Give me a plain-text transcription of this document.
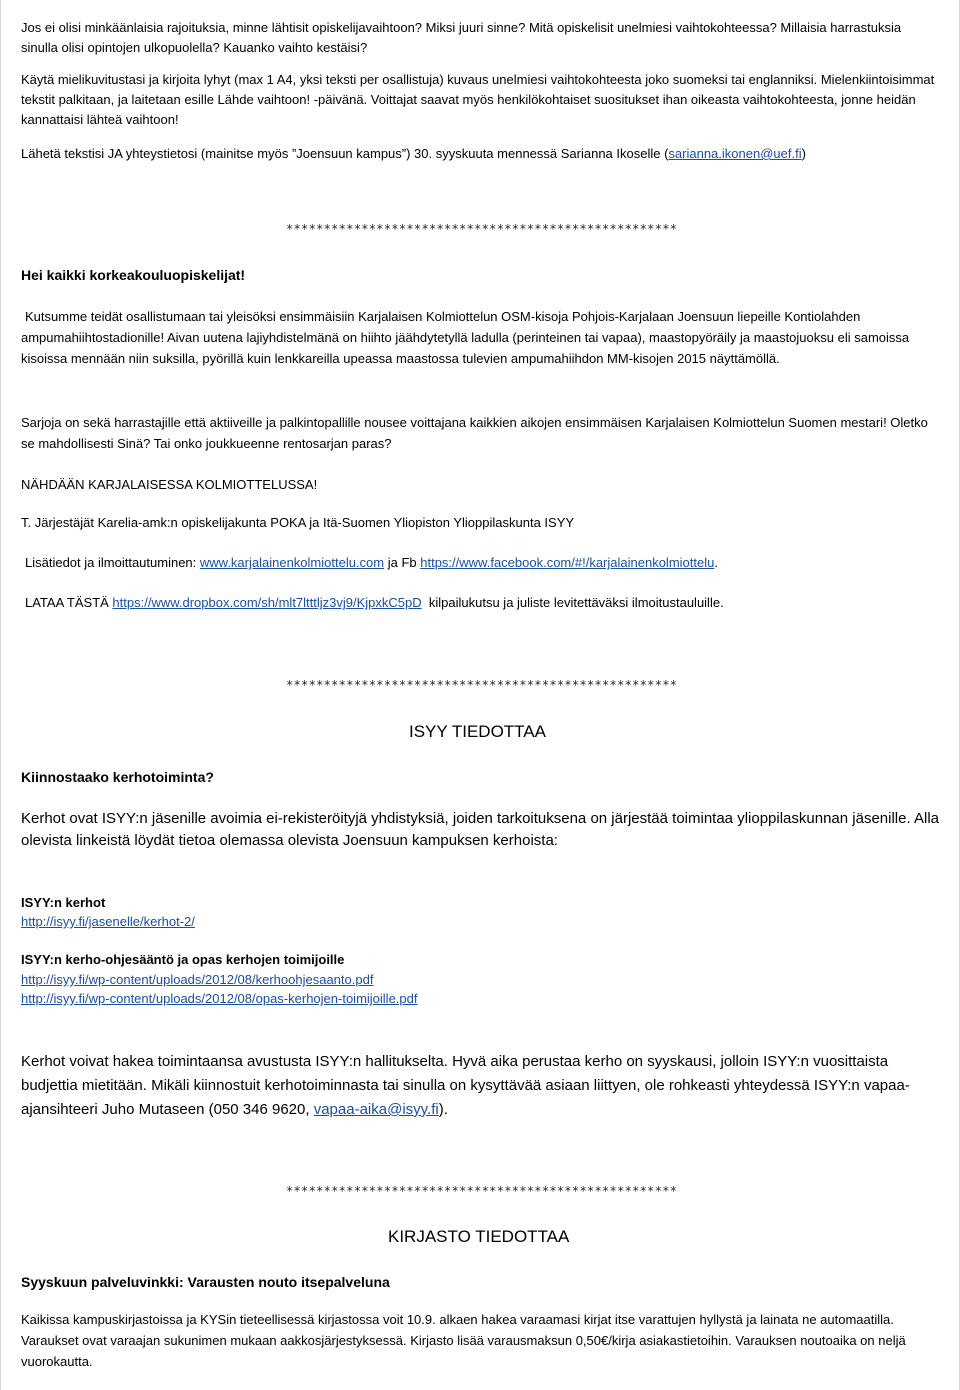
Jos ei olisi minkäänlaisia rajoituksia, minne lähtisit opiskelijavaihtoon? Miksi juuri sinne? Mitä opiskelisit unelmiesi vaihtokohteessa? Millaisia harrastuksia sinulla olisi opintojen ulkopuolella? Kauanko vaihto kestäisi?

Käytä mielikuvitustasi ja kirjoita lyhyt (max 1 A4, yksi teksti per osallistuja) kuvaus unelmiesi vaihtokohteesta joko suomeksi tai englanniksi. Mielenkiintoisimmat tekstit palkitaan, ja laitetaan esille Lähde vaihtoon! -päivänä. Voittajat saavat myös henkilökohtaiset suositukset ihan oikeasta vaihtokohteesta, jonne heidän kannattaisi lähteä vaihtoon!

Lähetä tekstisi JA yhteystietosi (mainitse myös ”Joensuun kampus”) 30. syyskuuta mennessä Sarianna Ikoselle (sarianna.ikonen@uef.fi)

****************************************************
Hei kaikki korkeakouluopiskelijat!

Kutsumme teidät osallistumaan tai yleisöksi ensimmäisiin Karjalaisen Kolmiottelun OSM-kisoja Pohjois-Karjalaan Joensuun liepeille Kontiolahden ampumahiihtostadionille! Aivan uutena lajiyhdistelmänä on hiihto jäähdytetyllä ladulla (perinteinen tai vapaa), maastopyöräily ja maastojuoksu eli samoissa kisoissa mennään niin suksilla, pyörillä kuin lenkkareilla upeassa maastossa tulevien ampumahiihdon MM-kisojen 2015 näyttämöllä.

Sarjoja on sekä harrastajille että aktiiveille ja palkintopallille nousee voittajana kaikkien aikojen ensimmäisen Karjalaisen Kolmiottelun Suomen mestari! Oletko se mahdollisesti Sinä? Tai onko joukkueenne rentosarjan paras?

NÄHDÄÄN KARJALAISESSA KOLMIOTTELUSSA!
T. Järjestäjät Karelia-amk:n opiskelijakunta POKA ja Itä-Suomen Yliopiston Ylioppilaskunta ISYY
Lisätiedot ja ilmoittautuminen: www.karjalainenkolmiottelu.com ja Fb https://www.facebook.com/#!/karjalainenkolmiottelu.
LATAA TÄSTÄ https://www.dropbox.com/sh/mlt7ltttljz3vj9/KjpxkC5pD  kilpailukutsu ja juliste levitettäväksi ilmoitustauluille.
****************************************************
ISYY TIEDOTTAA
Kiinnostaako kerhotoiminta?

Kerhot ovat ISYY:n jäsenille avoimia ei-rekisteröityjä yhdistyksiä, joiden tarkoituksena on järjestää toimintaa ylioppilaskunnan jäsenille. Alla olevista linkeistä löydät tietoa olemassa olevista Joensuun kampuksen kerhoista:

ISYY:n kerhot
http://isyy.fi/jasenelle/kerhot-2/
ISYY:n kerho-ohjesääntö ja opas kerhojen toimijoille
http://isyy.fi/wp-content/uploads/2012/08/kerhoohjesaanto.pdf
http://isyy.fi/wp-content/uploads/2012/08/opas-kerhojen-toimijoille.pdf

Kerhot voivat hakea toimintaansa avustusta ISYY:n hallitukselta. Hyvä aika perustaa kerho on syyskausi, jolloin ISYY:n vuosittaista budjettia mietitään. Mikäli kiinnostuit kerhotoiminnasta tai sinulla on kysyttävää asiaan liittyen, ole rohkeasti yhteydessä ISYY:n vapaa-ajansihteeri Juho Mutaseen (050 346 9620, vapaa-aika@isyy.fi).

****************************************************
KIRJASTO TIEDOTTAA
Syyskuun palveluvinkki: Varausten nouto itsepalveluna

Kaikissa kampuskirjastoissa ja KYSin tieteellisessä kirjastossa voit 10.9. alkaen hakea varaamasi kirjat itse varattujen hyllystä ja lainata ne automaatilla. Varaukset ovat varaajan sukunimen mukaan aakkosjärjestyksessä. Kirjasto lisää varausmaksun 0,50€/kirja asiakastietoihin. Varauksen noutoaika on neljä vuorokautta.
